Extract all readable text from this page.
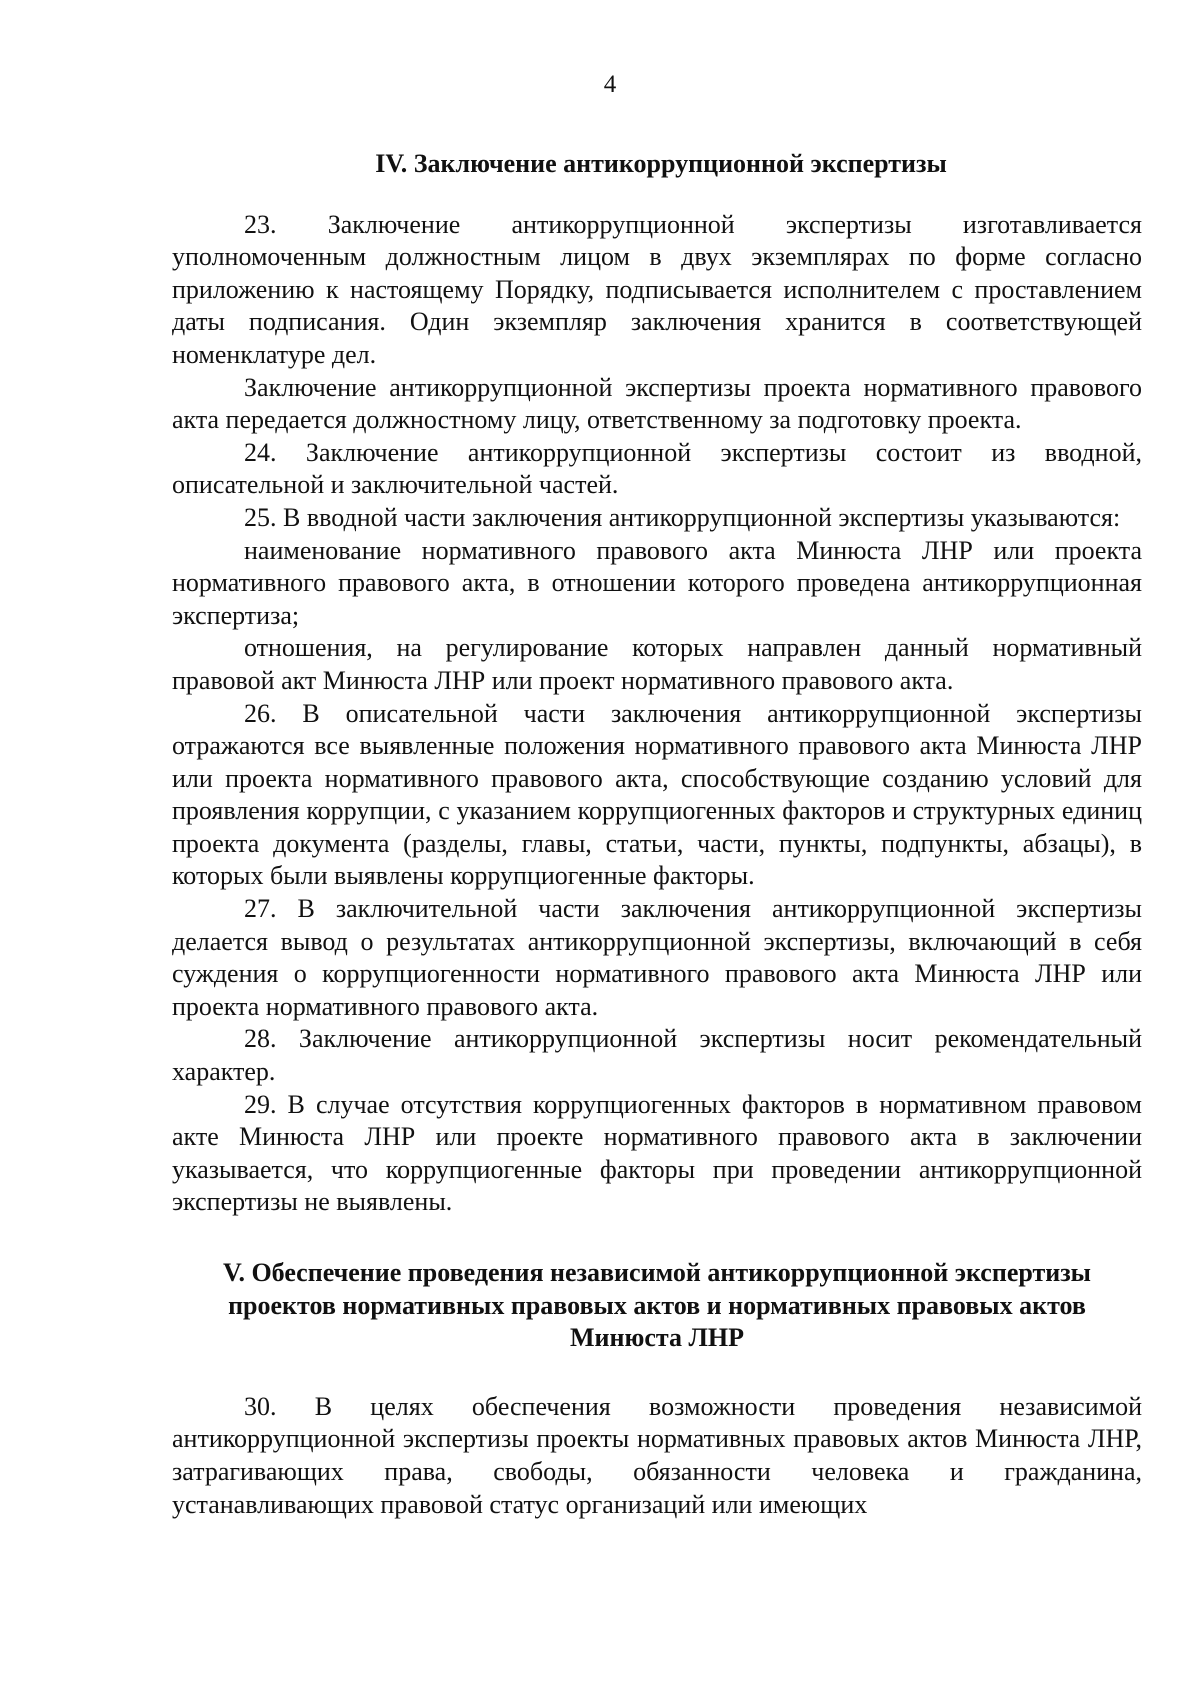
4
IV. Заключение антикоррупционной экспертизы

23. Заключение антикоррупционной экспертизы изготавливается уполномоченным должностным лицом в двух экземплярах по форме согласно приложению к настоящему Порядку, подписывается исполнителем с проставлением даты подписания. Один экземпляр заключения хранится в соответствующей номенклатуре дел.

Заключение антикоррупционной экспертизы проекта нормативного правового акта передается должностному лицу, ответственному за подготовку проекта.

24. Заключение антикоррупционной экспертизы состоит из вводной, описательной и заключительной частей.

25. В вводной части заключения антикоррупционной экспертизы указываются:

наименование нормативного правового акта Минюста ЛНР или проекта нормативного правового акта, в отношении которого проведена антикоррупционная экспертиза;

отношения, на регулирование которых направлен данный нормативный правовой акт Минюста ЛНР или проект нормативного правового акта.

26. В описательной части заключения антикоррупционной экспертизы отражаются все выявленные положения нормативного правового акта Минюста ЛНР или проекта нормативного правового акта, способствующие созданию условий для проявления коррупции, с указанием коррупциогенных факторов и структурных единиц проекта документа (разделы, главы, статьи, части, пункты, подпункты, абзацы), в которых были выявлены коррупциогенные факторы.

27. В заключительной части заключения антикоррупционной экспертизы делается вывод о результатах антикоррупционной экспертизы, включающий в себя суждения о коррупциогенности нормативного правового акта Минюста ЛНР или проекта нормативного правового акта.

28. Заключение антикоррупционной экспертизы носит рекомендательный характер.

29. В случае отсутствия коррупциогенных факторов в нормативном правовом акте Минюста ЛНР или проекте нормативного правового акта в заключении указывается, что коррупциогенные факторы при проведении антикоррупционной экспертизы не выявлены.

V. Обеспечение проведения независимой антикоррупционной экспертизы
проектов нормативных правовых актов и нормативных правовых актов
Минюста ЛНР

30. В целях обеспечения возможности проведения независимой антикоррупционной экспертизы проекты нормативных правовых актов Минюста ЛНР, затрагивающих права, свободы, обязанности человека и гражданина, устанавливающих правовой статус организаций или имеющих
